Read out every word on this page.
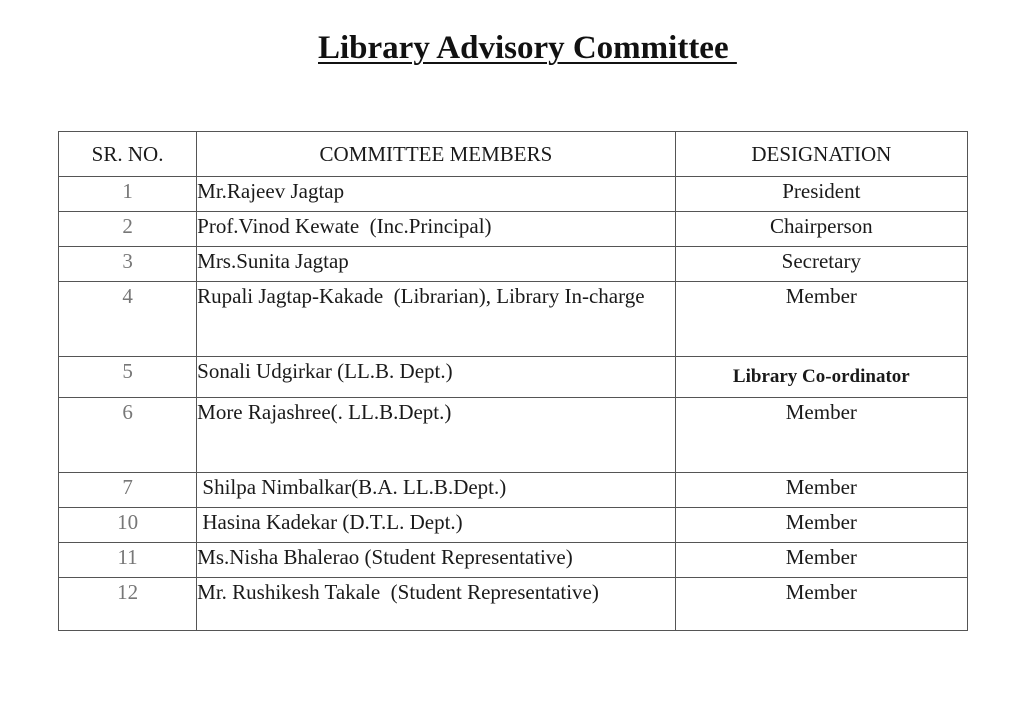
Library Advisory Committee
SR. NO.	COMMITTEE MEMBERS	DESIGNATION
1	Mr.Rajeev Jagtap	President
2	Prof.Vinod Kewate  (Inc.Principal)	Chairperson
3	Mrs.Sunita Jagtap	Secretary
4	Rupali Jagtap-Kakade  (Librarian), Library In-charge	Member
5	Sonali Udgirkar (LL.B. Dept.)	Library Co-ordinator
6	More Rajashree(. LL.B.Dept.)	Member
7	Shilpa Nimbalkar(B.A. LL.B.Dept.)	Member
10	Hasina Kadekar (D.T.L. Dept.)	Member
11	Ms.Nisha Bhalerao (Student Representative)	Member
12	Mr. Rushikesh Takale  (Student Representative)	Member
